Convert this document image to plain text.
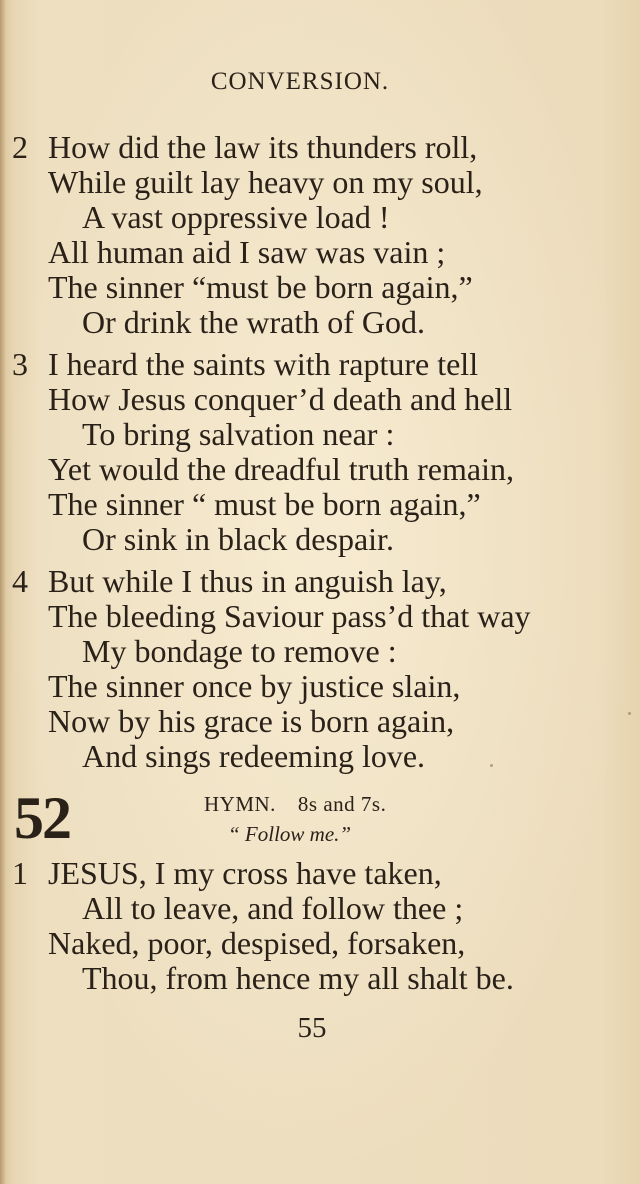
CONVERSION.
2 How did the law its thunders roll,
While guilt lay heavy on my soul,
A vast oppressive load !
All human aid I saw was vain ;
The sinner “must be born again,”
Or drink the wrath of God.
3 I heard the saints with rapture tell
How Jesus conquer’d death and hell
To bring salvation near :
Yet would the dreadful truth remain,
The sinner “ must be born again,”
Or sink in black despair.
4 But while I thus in anguish lay,
The bleeding Saviour pass’d that way
My bondage to remove :
The sinner once by justice slain,
Now by his grace is born again,
And sings redeeming love.
52	HYMN. 8s and 7s.
“ Follow me.”
1 JESUS, I my cross have taken,
All to leave, and follow thee ;
Naked, poor, despised, forsaken,
Thou, from hence my all shalt be.
55
